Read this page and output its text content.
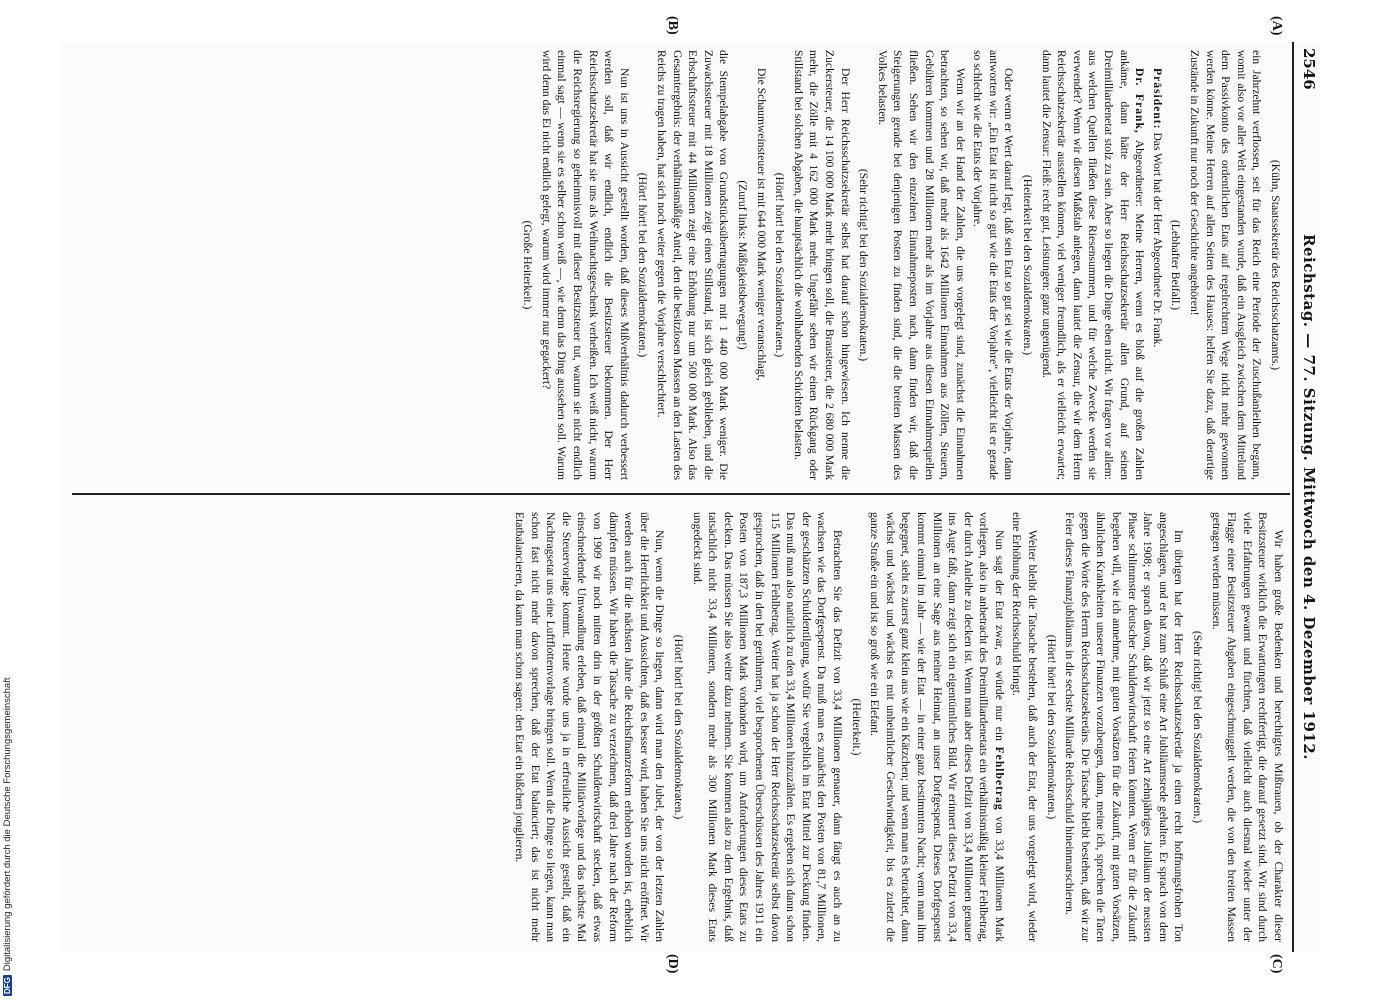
2546
Reichstag. — 77. Sitzung. Mittwoch den 4. Dezember 1912.

(Kühn, Staatssekretär des Reichsschatzamts.)

ein Jahrzehnt verflossen, seit für das Reich eine Periode der Zuschußanleihen begann, womit also vor aller Welt eingestanden wurde, daß ein Ausgleich zwischen dem Mittelund dem Passivkonto des ordentlichen Etats auf regelrechtem Wege nicht mehr gewonnen werden könne. Meine Herren auf allen Seiten des Hauses: helfen Sie dazu, daß derartige Zustände in Zukunft nur noch der Geschichte angehören!

(Lebhafter Beifall.)

Präsident: Das Wort hat der Herr Abgeordnete Dr. Frank.

Dr. Frank, Abgeordneter: Meine Herren, wenn es bloß auf die großen Zahlen ankäme, dann hätte der Herr Reichsschatzsekretär allen Grund, auf seinen Dreimilliardenetat stolz zu sein. Aber so liegen die Dinge eben nicht. Wir fragen vor allem: aus welchen Quellen fließen diese Riesensummen, und für welche Zwecke werden sie verwendet? Wenn wir diesen Maßstab anlegen, dann lautet die Zensur, die wir dem Herrn Reichsschatzsekretär ausstellen können, viel weniger freundlich, als er vielleicht erwartet; dann lautet die Zensur: Fleiß: recht gut, Leistungen: ganz ungenügend.

(Heiterkeit bei den Sozialdemokraten.)

Oder wenn er Wert darauf legt, daß sein Etat so gut sei wie die Etats der Vorjahre, dann antworten wir: „Ein Etat ist nicht so gut wie die Etats der Vorjahre“, vielleicht ist er gerade so schlecht wie die Etats der Vorjahre.

Wenn wir an der Hand der Zahlen, die uns vorgelegt sind, zunächst die Einnahmen betrachten, so sehen wir, daß mehr als 1642 Millionen Einnahmen aus Zöllen, Steuern, Gebühren kommen und 28 Millionen mehr als im Vorjahre aus diesen Einnahmequellen fließen. Sehen wir den einzelnen Einnahmeposten nach, dann finden wir, daß die Steigerungen gerade bei denjenigen Posten zu finden sind, die die breiten Massen des Volkes belasten.

(Sehr richtig! bei den Sozialdemokraten.)

Der Herr Reichsschatzsekretär selbst hat darauf schon hingewiesen. Ich nenne die Zuckersteuer, die 14 100 000 Mark mehr bringen soll, die Brausteuer, die 2 680 000 Mark mehr, die Zölle mit 4 162 000 Mark mehr. Ungefähr sehen wir einen Rückgang oder Stillstand bei solchen Abgaben, die hauptsächlich die wohlhabenden Schichten belasten.

(Hört! hört! bei den Sozialdemokraten.)

Die Schaumweinsteuer ist mit 644 000 Mark weniger veranschlagt,

(Zuruf links: Mäßigkeitsbewegung!)

die Stempelabgabe von Grundstücksübertragungen mit 1 440 000 Mark weniger. Die Zuwachssteuer mit 18 Millionen zeigt einen Stillstand, ist sich gleich geblieben, und die Erbschaftssteuer mit 44 Millionen zeigt eine Erhöhung nur um 500 000 Mark. Also das Gesamtergebnis: der verhältnismäßige Anteil, den die besitzlosen Massen an den Lasten des Reichs zu tragen haben, hat sich noch weiter gegen die Vorjahre verschlechtert.

(Hört! hört! bei den Sozialdemokraten.)

Nun ist uns in Aussicht gestellt worden, daß dieses Mißverhältnis dadurch verbessert werden soll, daß wir endlich, endlich die Besitzsteuer bekommen. Der Herr Reichsschatzsekretär hat sie uns als Weihnachtsgeschenk verheißen. Ich weiß nicht, warum die Reichsregierung so geheimnisvoll mit dieser Besitzsteuer tut, warum sie nicht endlich einmal sagt — wenn sie es selber schon weiß —, wie denn das Ding aussehen soll. Warum wird denn das Ei nicht endlich gelegt, warum wird immer nur gegackert?

(Große Heiterkeit.)

Wir haben große Bedenken und berechtigtes Mißtrauen, ob der Charakter dieser Besitzsteuer wirklich die Erwartungen rechtfertigt, die darauf gesetzt sind. Wir sind durch viele Erfahrungen gewarnt und fürchten, daß vielleicht auch diesmal wieder unter der Flagge einer Besitzsteuer Abgaben eingeschmuggelt werden, die von den breiten Massen getragen werden müssen.

(Sehr richtig! bei den Sozialdemokraten.)

Im übrigen hat der Herr Reichsschatzsekretär ja einen recht hoffnungsfrohen Ton angeschlagen, und er hat zum Schluß eine Art Jubiläumsrede gehalten. Er sprach von dem Jahre 1908; er sprach davon, daß wir jetzt so eine Art zehnjähriges Jubiläum der neusten Phase schlimmster deutscher Schuldenwirtschaft feiern könnten. Wenn er für die Zukunft begehen will, wie ich annehme, mit guten Vorsätzen für die Zukunft, mit guten Vorsätzen, ähnlichen Krankheiten unserer Finanzen vorzubeugen, dann, meine ich, sprechen die Taten gegen die Worte des Herrn Reichsschatzsekretärs. Die Tatsache bleibt bestehen, daß wir zur Feier dieses Finanzjubiläums in die sechste Milliarde Reichsschuld hineinmarschieren.

(Hört! hört! bei den Sozialdemokraten.)

Weiter bleibt die Tatsache bestehen, daß auch der Etat, der uns vorgelegt wird, wieder eine Erhöhung der Reichsschuld bringt.

Nun sagt der Etat zwar, es würde nur ein Fehlbetrag von 33,4 Millionen Mark vorliegen, also in anbetracht des Dreimilliardenetats ein verhältnismäßig kleiner Fehlbetrag, der durch Anleihe zu decken ist. Wenn man aber dieses Defizit von 33,4 Millionen genauer ins Auge faßt, dann zeigt sich ein eigentümliches Bild. Wir erinnert dieses Defizit von 33,4 Millionen an eine Sage aus meiner Heimat, an unser Dorfgespenst. Dieses Dorfgespenst kommt einmal im Jahr — wie der Etat — in einer ganz bestimmten Nacht; wenn man ihm begegnet, sieht es zuerst ganz klein aus wie ein Kätzchen; und wenn man es betrachtet, dann wächst und wächst und wächst es mit unheimlicher Geschwindigkeit, bis es zuletzt die ganze Straße ein und ist so groß wie ein Elefant.

(Heiterkeit.)

Betrachten Sie das Defizit von 33,4 Millionen genauer, dann fängt es auch an zu wachsen wie das Dorfgespenst. Da muß man es zunächst den Posten von 81,7 Millionen, der geschätzten Schuldentilgung, wofür Sie vergeblich im Etat Mittel zur Deckung finden. Das muß man also natürlich zu den 33,4 Millionen hinzuzählen. Es ergeben sich dann schon 115 Millionen Fehlbetrag. Weiter hat ja schon der Herr Reichsschatzsekretär selbst davon gesprochen, daß in den bei gerühmten, viel besprochenen Überschüssen des Jahres 1911 ein Posten von 187,3 Millionen Mark vorhanden wird, um Anforderungen dieses Etats zu decken. Das müssen Sie also weiter dazu nehmen. Sie kommen also zu dem Ergebnis, daß tatsächlich nicht 33,4 Millionen, sondern mehr als 300 Millionen Mark dieses Etats ungedeckt sind.

(Hört! hört! bei den Sozialdemokraten.)

Nun, wenn die Dinge so liegen, dann wird man den Jubel, der von der letzten Zahlen über die Herrlichkeit und Aussichten, daß es besser wird, haben Sie uns nicht eröffnet. Wir werden auch für die nächsten Jahre die Reichsfinanzreform erhoben worden ist, erheblich dämpfen müssen. Wir haben die Tatsache zu verzeichnen, daß drei Jahre nach der Reform von 1909 wir noch mitten drin in der größten Schuldenwirtschaft stecken, daß etwas einschneidende Umwandlung erleben, daß einmal die Militärvorlage und das nächste Mal die Steuervorlage kommt. Heute wurde uns ja in erfreuliche Aussicht gestellt, daß ein Nachtragsetat uns eine Luftflottenvorlage bringen soll. Wenn die Dinge so liegen, kann man schon fast nicht mehr davon sprechen, daß der Etat balanciert; das ist nicht mehr Etatbalancieren, da kann man schon sagen: den Etat ein bißchen jonglieren.

(A)
(B)
(C)
(D)
DFGDigitalisierung gefördert durch die Deutsche Forschungsgemeinschaft
